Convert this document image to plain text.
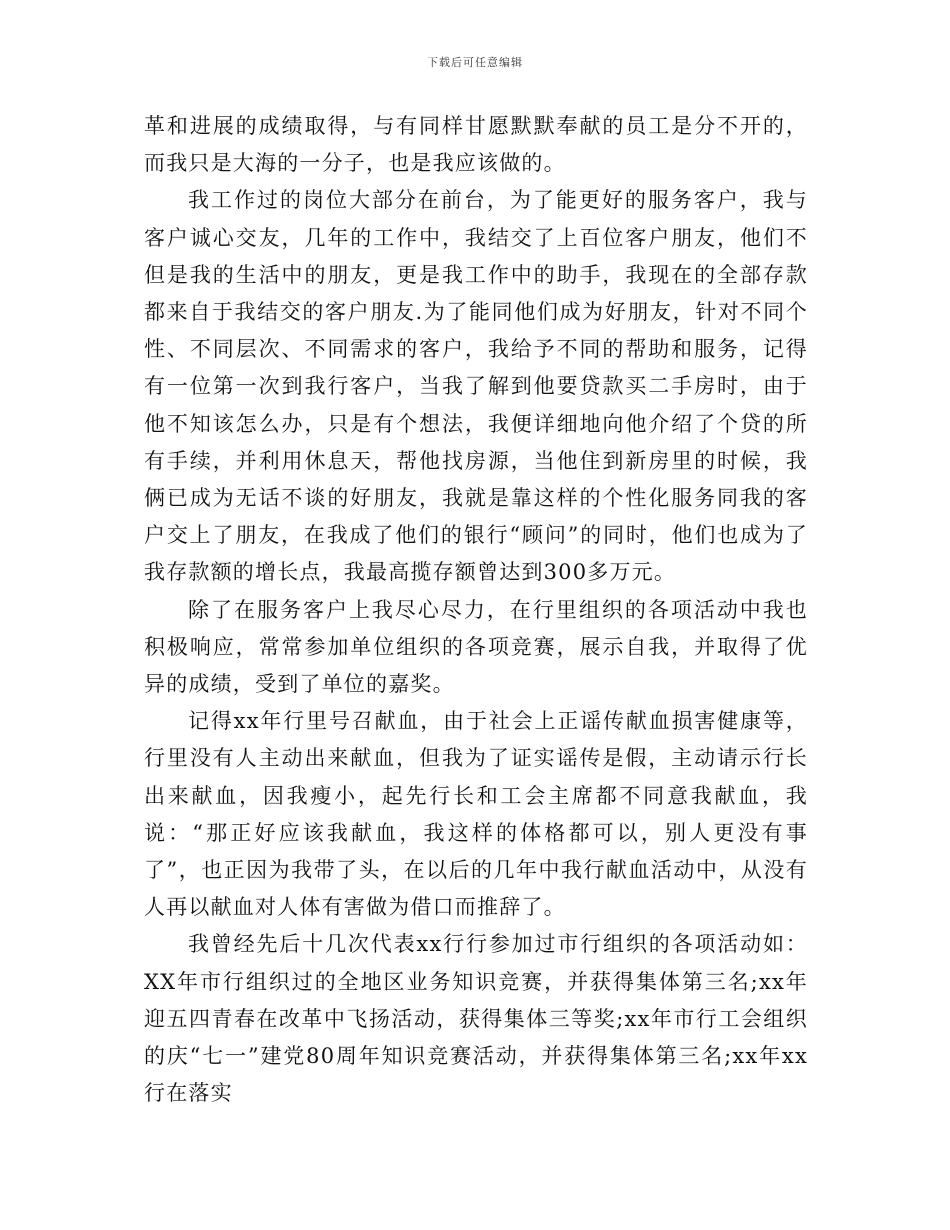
下载后可任意编辑

革和进展的成绩取得，与有同样甘愿默默奉献的员工是分不开的，而我只是大海的一分子，也是我应该做的。

我工作过的岗位大部分在前台，为了能更好的服务客户，我与客户诚心交友，几年的工作中，我结交了上百位客户朋友，他们不但是我的生活中的朋友，更是我工作中的助手，我现在的全部存款都来自于我结交的客户朋友.为了能同他们成为好朋友，针对不同个性、不同层次、不同需求的客户，我给予不同的帮助和服务，记得有一位第一次到我行客户，当我了解到他要贷款买二手房时，由于他不知该怎么办，只是有个想法，我便详细地向他介绍了个贷的所有手续，并利用休息天，帮他找房源，当他住到新房里的时候，我俩已成为无话不谈的好朋友，我就是靠这样的个性化服务同我的客户交上了朋友，在我成了他们的银行“顾问”的同时，他们也成为了我存款额的增长点，我最高揽存额曾达到300多万元。

除了在服务客户上我尽心尽力，在行里组织的各项活动中我也积极响应，常常参加单位组织的各项竞赛，展示自我，并取得了优异的成绩，受到了单位的嘉奖。

记得xx年行里号召献血，由于社会上正谣传献血损害健康等，行里没有人主动出来献血，但我为了证实谣传是假，主动请示行长出来献血，因我瘦小，起先行长和工会主席都不同意我献血，我说：“那正好应该我献血，我这样的体格都可以，别人更没有事了”，也正因为我带了头，在以后的几年中我行献血活动中，从没有人再以献血对人体有害做为借口而推辞了。

我曾经先后十几次代表xx行行参加过市行组织的各项活动如：XX年市行组织过的全地区业务知识竞赛，并获得集体第三名;xx年迎五四青春在改革中飞扬活动，获得集体三等奖;xx年市行工会组织的庆“七一”建党80周年知识竞赛活动，并获得集体第三名;xx年xx行在落实
